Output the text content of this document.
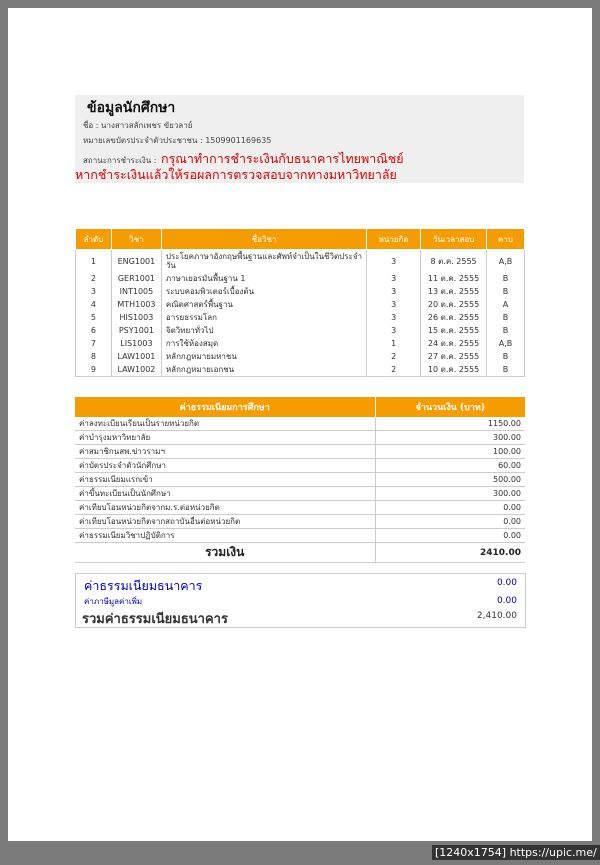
ข้อมูลนักศึกษา
ชื่อ : นางสาวสลักเพชร ขัยวลาย์
หมายเลขบัตรประจำตัวประชาชน : 1509901169635
สถานะการชำระเงิน : กรุณาทำการชำระเงินกับธนาคารไทยพาณิชย์
หากชำระเงินแล้วให้รอผลการตรวจสอบจากทางมหาวิทยาลัย
ลำดับ	วิชา	ชื่อวิชา	หน่วยกิต	วันเวลาสอบ	คาบ
1	ENG1001	ประโยคภาษาอังกฤษพื้นฐานและศัพท์จำเป็นในชีวิตประจำวัน	3	8 ต.ค. 2555	A,B
2	GER1001	ภาษาเยอรมันพื้นฐาน 1	3	11 ต.ค. 2555	B
3	INT1005	ระบบคอมพิวเตอร์เบื้องต้น	3	13 ต.ค. 2555	B
4	MTH1003	คณิตศาสตร์พื้นฐาน	3	20 ต.ค. 2555	A
5	HIS1003	อารยธรรมโลก	3	26 ต.ค. 2555	B
6	PSY1001	จิตวิทยาทั่วไป	3	15 ต.ค. 2555	B
7	LIS1003	การใช้ห้องสมุด	1	24 ต.ค. 2555	A,B
8	LAW1001	หลักกฎหมายมหาชน	2	27 ต.ค. 2555	B
9	LAW1002	หลักกฎหมายเอกชน	2	10 ต.ค. 2555	B
ค่าธรรมเนียมการศึกษา	จำนวนเงิน (บาท)
ค่าลงทะเบียนเรียนเป็นรายหน่วยกิต	1150.00
ค่าบำรุงมหาวิทยาลัย	300.00
ค่าสมาชิกนสพ.ข่าวรามฯ	100.00
ค่าบัตรประจำตัวนักศึกษา	60.00
ค่าธรรมเนียมแรกเข้า	500.00
ค่าขึ้นทะเบียนเป็นนักศึกษา	300.00
ค่าเทียบโอนหน่วยกิตจากม.ร.ต่อหน่วยกิต	0.00
ค่าเทียบโอนหน่วยกิตจากสถาบันอื่นต่อหน่วยกิต	0.00
ค่าธรรมเนียมวิชาปฏิบัติการ	0.00
รวมเงิน	2410.00
ค่าธรรมเนียมธนาคาร	0.00
ค่าภาษีมูลค่าเพิ่ม	0.00
รวมค่าธรรมเนียมธนาคาร	2,410.00
[1240x1754] https://upic.me/
